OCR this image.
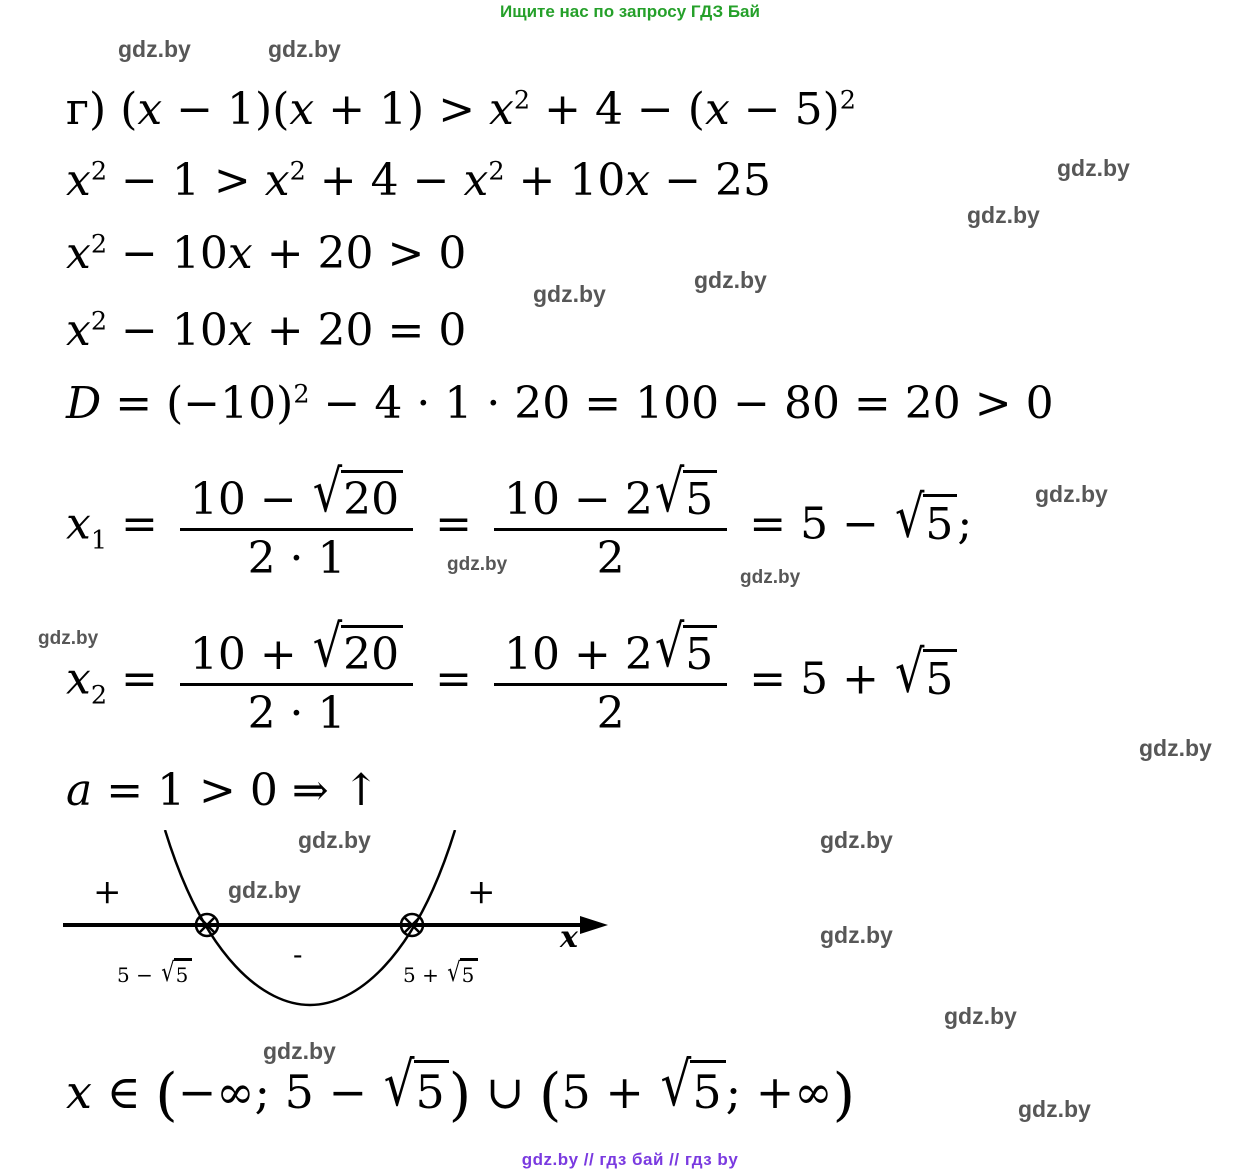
Ищите нас по запросу ГДЗ Бай
gdz.by	gdz.by
gdz.by
gdz.by
gdz.by
gdz.by
gdz.by
gdz.by
gdz.by
gdz.by
gdz.by
gdz.by	gdz.by
gdz.by
gdz.by
gdz.by
gdz.by
gdz.by
г) $(x - 1)(x + 1) > x^2 + 4 - (x - 5)^2$
$x^2 - 1 > x^2 + 4 - x^2 + 10x - 25$
$x^2 - 10x + 20 > 0$
$x^2 - 10x + 20 = 0$
$D = (-10)^2 - 4 \cdot 1 \cdot 20 = 100 - 80 = 20 > 0$
$x_1 = \frac{10 - √20}{2 \cdot 1} = \frac{10 - 2√5}{2} = 5 - √5$;
$x_2 = \frac{10 + √20}{2 \cdot 1} = \frac{10 + 2√5}{2} = 5 + √5$
a = 1 > 0 ⇒ ↑
+	+
-
5 − √5	5 + √5
x
x ∈ (−∞; 5 − √5) ∪ (5 + √5; +∞)
gdz.by // гдз бай // гдз by
